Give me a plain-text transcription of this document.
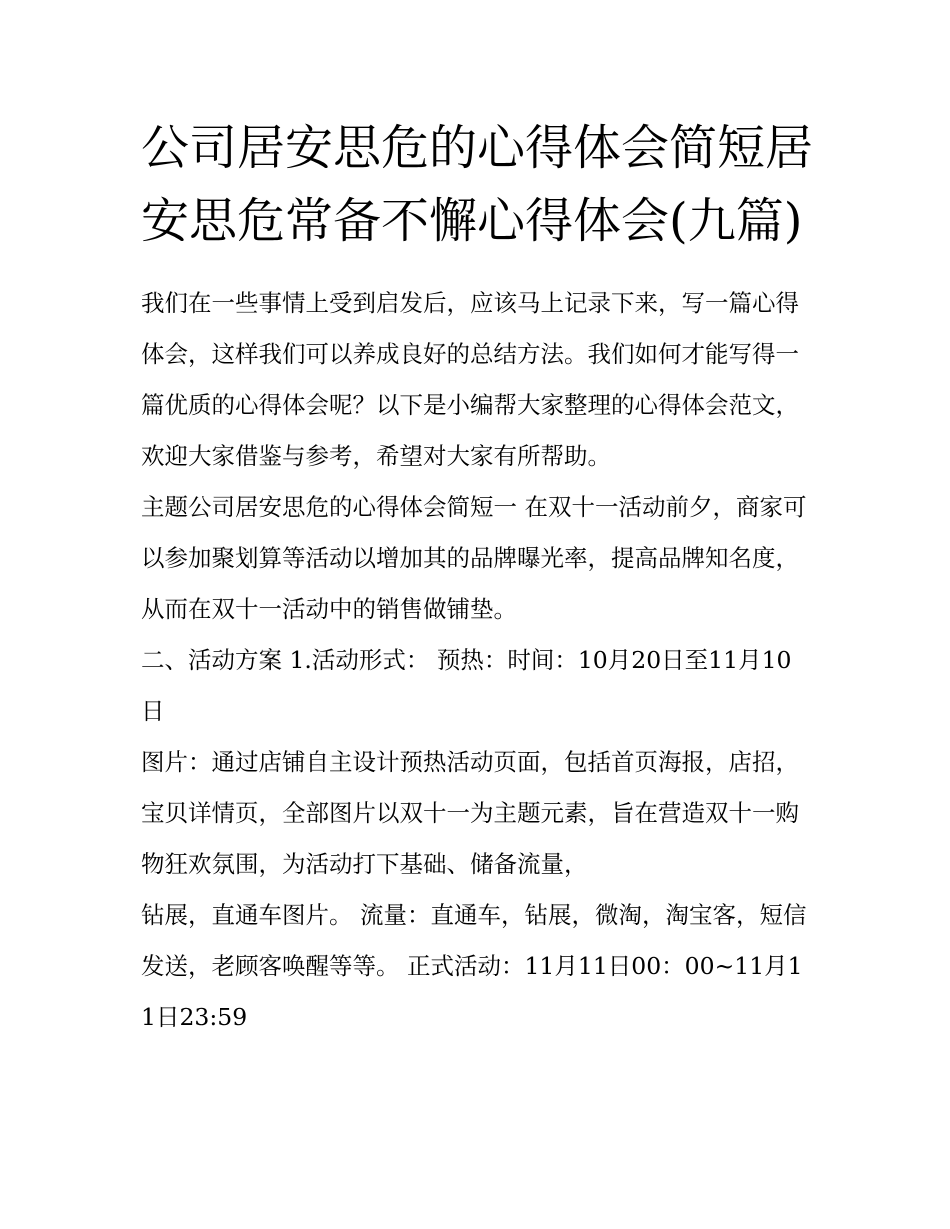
公司居安思危的心得体会简短居安思危常备不懈心得体会(九篇)

我们在一些事情上受到启发后，应该马上记录下来，写一篇心得体会，这样我们可以养成良好的总结方法。我们如何才能写得一篇优质的心得体会呢？以下是小编帮大家整理的心得体会范文，欢迎大家借鉴与参考，希望对大家有所帮助。

主题公司居安思危的心得体会简短一 在双十一活动前夕，商家可以参加聚划算等活动以增加其的品牌曝光率，提高品牌知名度，从而在双十一活动中的销售做铺垫。

二、活动方案 1.活动形式： 预热：时间：10月20日至11月10日

图片：通过店铺自主设计预热活动页面，包括首页海报，店招，宝贝详情页，全部图片以双十一为主题元素，旨在营造双十一购物狂欢氛围，为活动打下基础、储备流量，

钻展，直通车图片。 流量：直通车，钻展，微淘，淘宝客，短信发送，老顾客唤醒等等。 正式活动：11月11日00：00~11月11日23:59
